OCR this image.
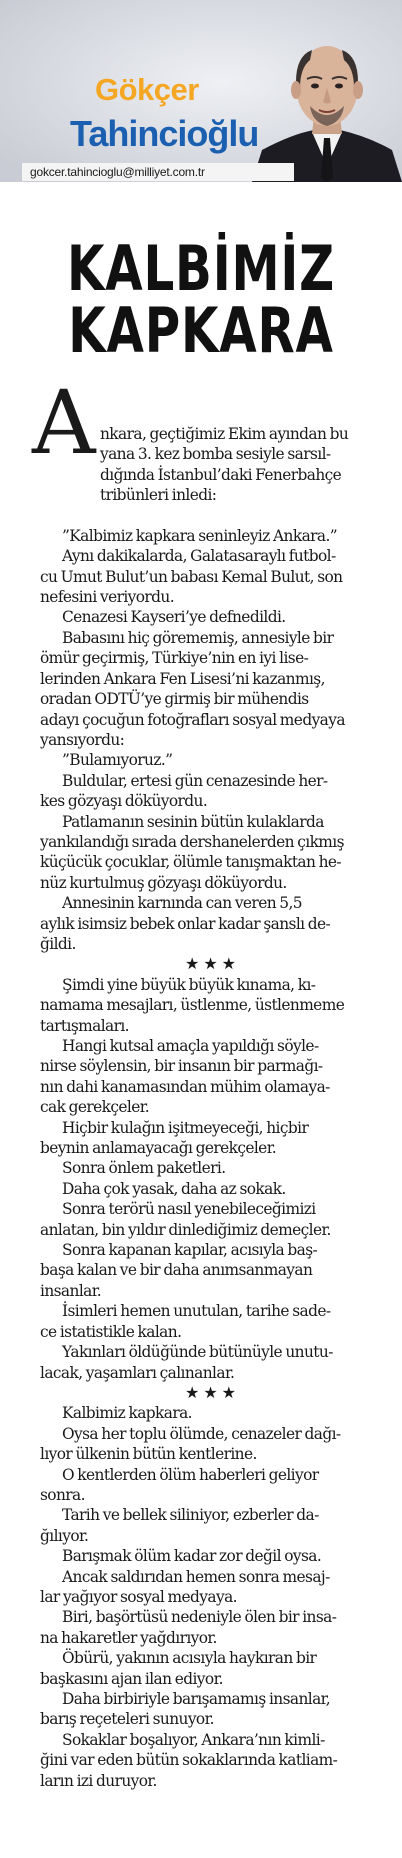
Gökçer
Tahincioğlu
gokcer.tahincioglu@milliyet.com.tr
KALBİMİZ
KAPKARA

A nkara, geçtiğimiz Ekim ayından bu
yana 3. kez bomba sesiyle sarsıl-
dığında İstanbul’daki Fenerbahçe
tribünleri inledi:

”Kalbimiz kapkara seninleyiz Ankara.”

Aynı dakikalarda, Galatasaraylı futbol-
cu Umut Bulut’un babası Kemal Bulut, son
nefesini veriyordu.

Cenazesi Kayseri’ye defnedildi.

Babasını hiç görememiş, annesiyle bir
ömür geçirmiş, Türkiye’nin en iyi lise-
lerinden Ankara Fen Lisesi’ni kazanmış,
oradan ODTÜ’ye girmiş bir mühendis
adayı çocuğun fotoğrafları sosyal medyaya
yansıyordu:

”Bulamıyoruz.”

Buldular, ertesi gün cenazesinde her-
kes gözyaşı döküyordu.

Patlamanın sesinin bütün kulaklarda
yankılandığı sırada dershanelerden çıkmış
küçücük çocuklar, ölümle tanışmaktan he-
nüz kurtulmuş gözyaşı döküyordu.

Annesinin karnında can veren 5,5
aylık isimsiz bebek onlar kadar şanslı de-
ğildi.

★★★

Şimdi yine büyük büyük kınama, kı-
namama mesajları, üstlenme, üstlenmeme
tartışmaları.

Hangi kutsal amaçla yapıldığı söyle-
nirse söylensin, bir insanın bir parmağı-
nın dahi kanamasından mühim olamaya-
cak gerekçeler.

Hiçbir kulağın işitmeyeceği, hiçbir
beynin anlamayacağı gerekçeler.

Sonra önlem paketleri.

Daha çok yasak, daha az sokak.

Sonra terörü nasıl yenebileceğimizi
anlatan, bin yıldır dinlediğimiz demeçler.

Sonra kapanan kapılar, acısıyla baş-
başa kalan ve bir daha anımsanmayan
insanlar.

İsimleri hemen unutulan, tarihe sade-
ce istatistikle kalan.

Yakınları öldüğünde bütünüyle unutu-
lacak, yaşamları çalınanlar.

★★★

Kalbimiz kapkara.

Oysa her toplu ölümde, cenazeler dağı-
lıyor ülkenin bütün kentlerine.

O kentlerden ölüm haberleri geliyor
sonra.

Tarih ve bellek siliniyor, ezberler da-
ğılıyor.

Barışmak ölüm kadar zor değil oysa.

Ancak saldırıdan hemen sonra mesaj-
lar yağıyor sosyal medyaya.

Biri, başörtüsü nedeniyle ölen bir insa-
na hakaretler yağdırıyor.

Öbürü, yakının acısıyla haykıran bir
başkasını ajan ilan ediyor.

Daha birbiriyle barışamamış insanlar,
barış reçeteleri sunuyor.

Sokaklar boşalıyor, Ankara’nın kimli-
ğini var eden bütün sokaklarında katliam-
ların izi duruyor.
